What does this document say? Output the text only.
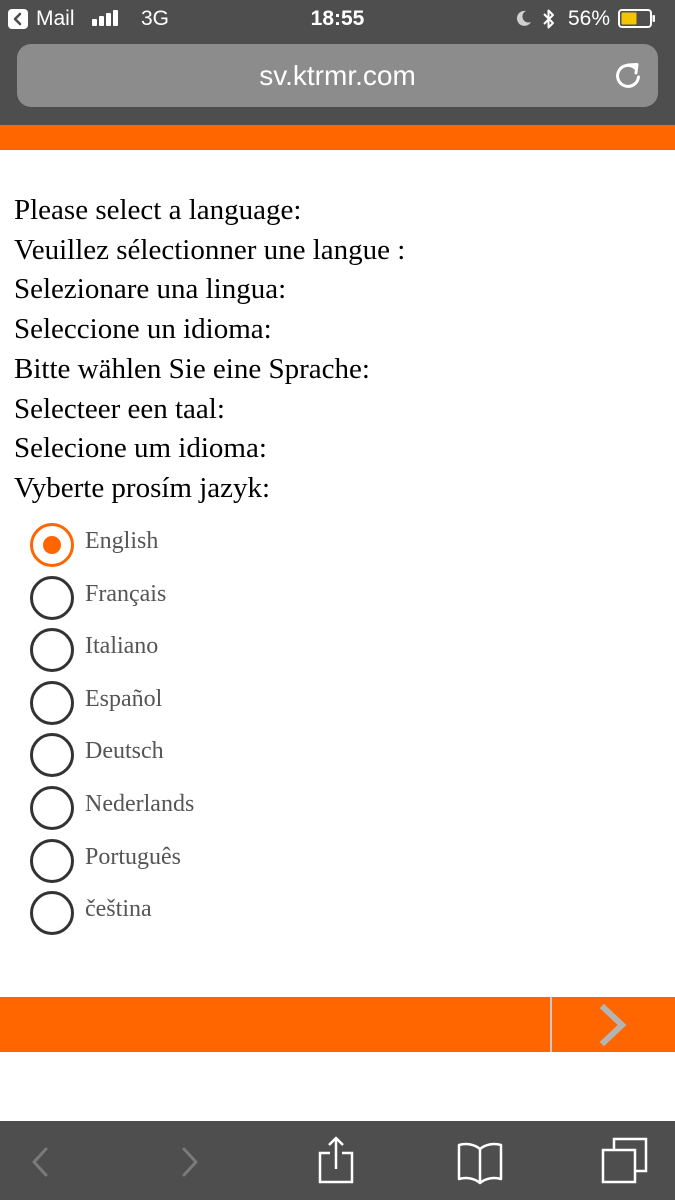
Mail	3G	18:55	56%
sv.ktrmr.com
Please select a language:
Veuillez sélectionner une langue :
Selezionare una lingua:
Seleccione un idioma:
Bitte wählen Sie eine Sprache:
Selecteer een taal:
Selecione um idioma:
Vyberte prosím jazyk:
English
Français
Italiano
Español
Deutsch
Nederlands
Português
čeština
